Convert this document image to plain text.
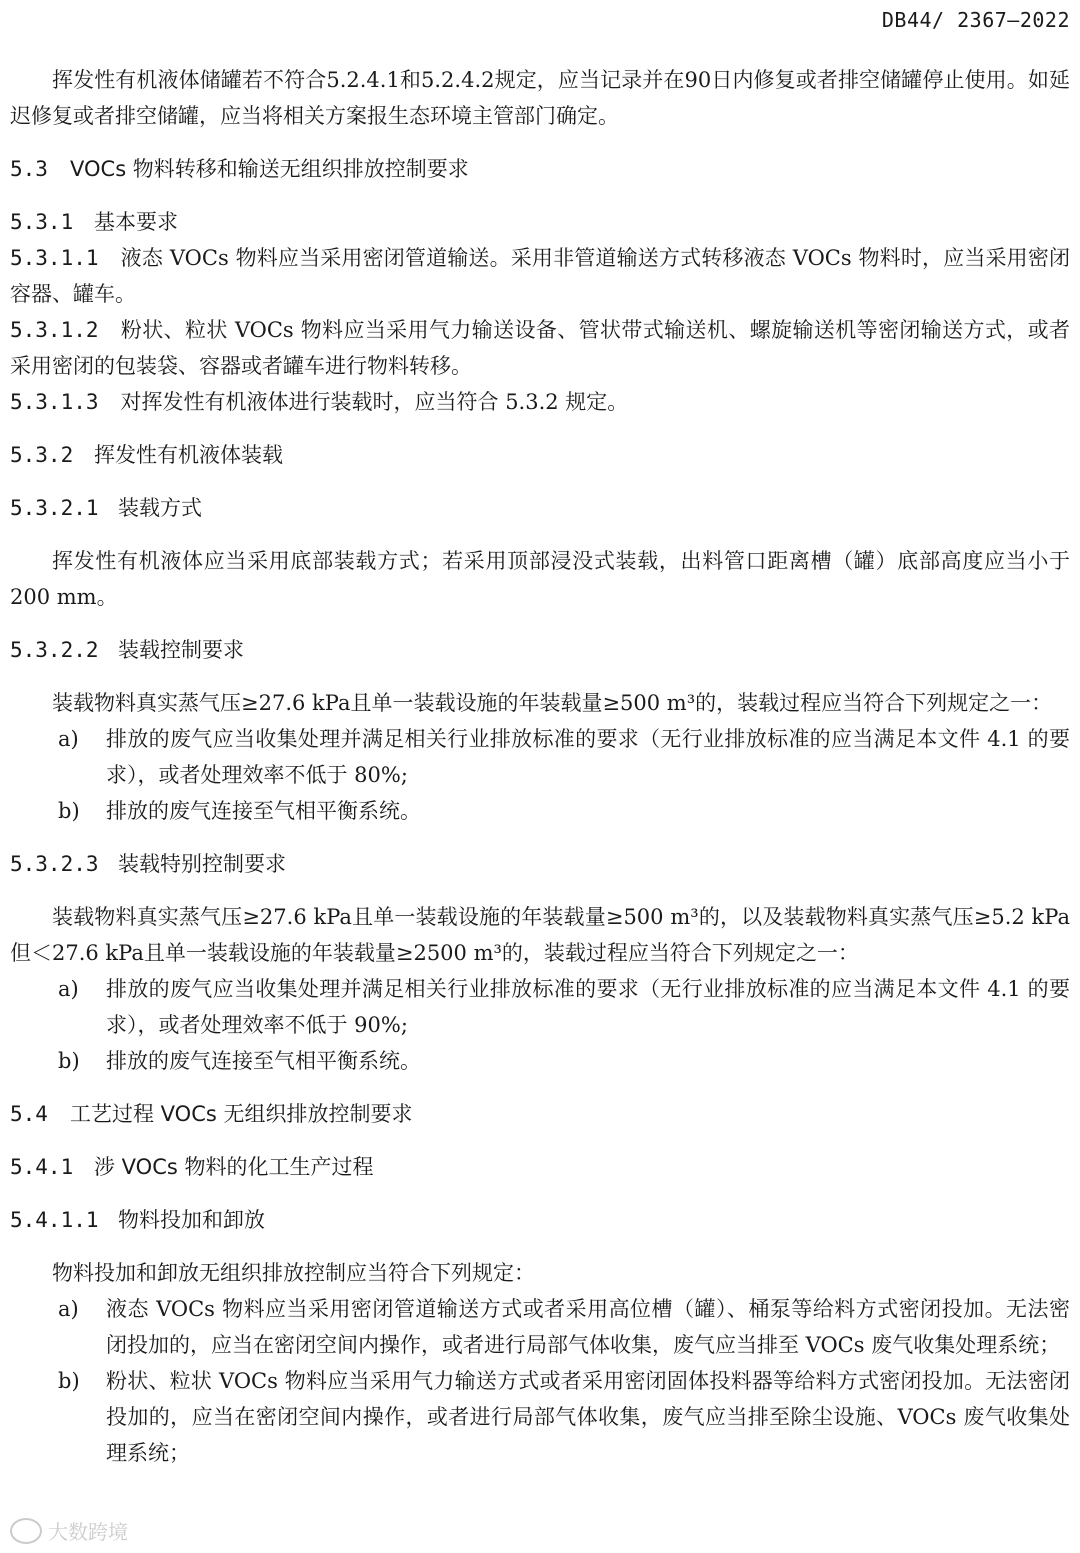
DB44/ 2367—2022

挥发性有机液体储罐若不符合5.2.4.1和5.2.4.2规定，应当记录并在90日内修复或者排空储罐停止使用。如延迟修复或者排空储罐，应当将相关方案报生态环境主管部门确定。

5.3 VOCs 物料转移和输送无组织排放控制要求

5.3.1 基本要求

5.3.1.1 液态 VOCs 物料应当采用密闭管道输送。采用非管道输送方式转移液态 VOCs 物料时，应当采用密闭容器、罐车。

5.3.1.2 粉状、粒状 VOCs 物料应当采用气力输送设备、管状带式输送机、螺旋输送机等密闭输送方式，或者采用密闭的包装袋、容器或者罐车进行物料转移。

5.3.1.3 对挥发性有机液体进行装载时，应当符合 5.3.2 规定。

5.3.2 挥发性有机液体装载

5.3.2.1 装载方式

挥发性有机液体应当采用底部装载方式；若采用顶部浸没式装载，出料管口距离槽（罐）底部高度应当小于200 mm。

5.3.2.2 装载控制要求

装载物料真实蒸气压≥27.6 kPa且单一装载设施的年装载量≥500 m³的，装载过程应当符合下列规定之一：

a)	排放的废气应当收集处理并满足相关行业排放标准的要求（无行业排放标准的应当满足本文件 4.1 的要求），或者处理效率不低于 80%;
b)	排放的废气连接至气相平衡系统。

5.3.2.3 装载特别控制要求

装载物料真实蒸气压≥27.6 kPa且单一装载设施的年装载量≥500 m³的，以及装载物料真实蒸气压≥5.2 kPa但＜27.6 kPa且单一装载设施的年装载量≥2500 m³的，装载过程应当符合下列规定之一：

a)	排放的废气应当收集处理并满足相关行业排放标准的要求（无行业排放标准的应当满足本文件 4.1 的要求），或者处理效率不低于 90%;
b)	排放的废气连接至气相平衡系统。

5.4 工艺过程 VOCs 无组织排放控制要求

5.4.1 涉 VOCs 物料的化工生产过程

5.4.1.1 物料投加和卸放

物料投加和卸放无组织排放控制应当符合下列规定：

a)	液态 VOCs 物料应当采用密闭管道输送方式或者采用高位槽（罐）、桶泵等给料方式密闭投加。无法密闭投加的，应当在密闭空间内操作，或者进行局部气体收集，废气应当排至 VOCs 废气收集处理系统；
b)	粉状、粒状 VOCs 物料应当采用气力输送方式或者采用密闭固体投料器等给料方式密闭投加。无法密闭投加的，应当在密闭空间内操作，或者进行局部气体收集，废气应当排至除尘设施、VOCs 废气收集处理系统；
大数跨境
